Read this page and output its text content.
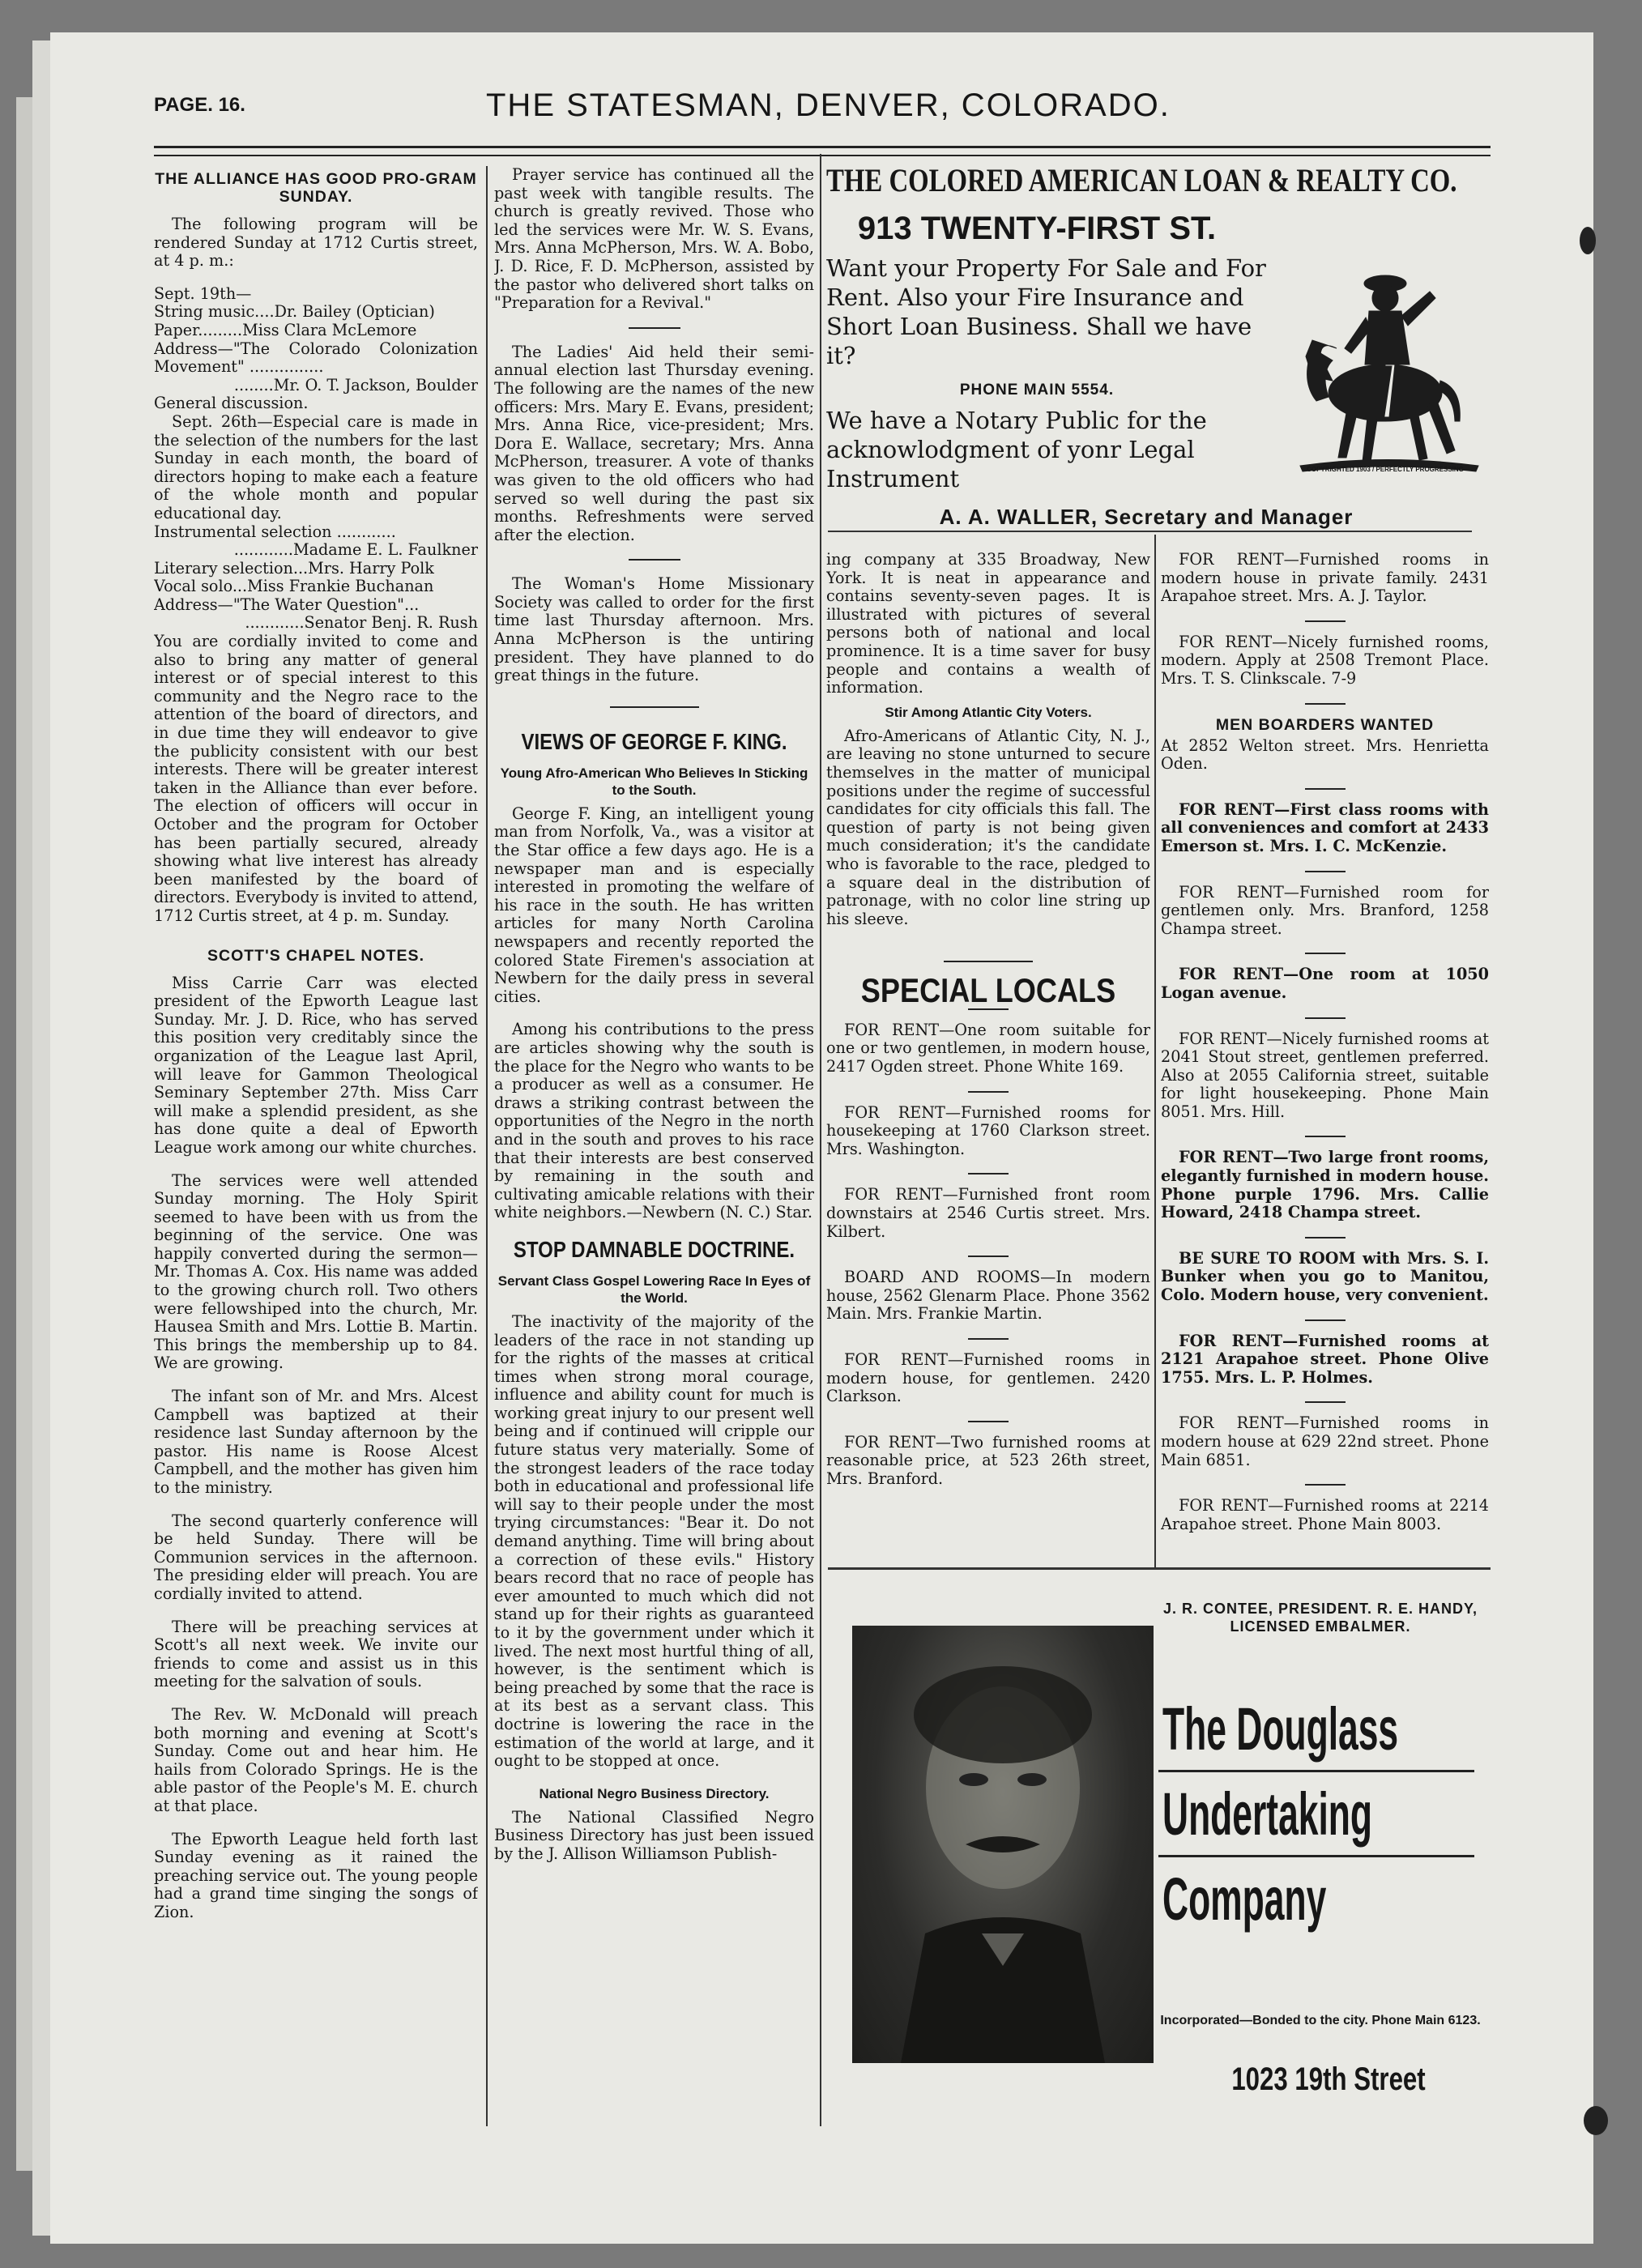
PAGE. 16.	THE STATESMAN, DENVER, COLORADO.
THE ALLIANCE HAS GOOD PRO-GRAM SUNDAY.

The following program will be rendered Sunday at 1712 Curtis street, at 4 p. m.:

Sept. 19th—

String music....Dr. Bailey (Optician)

Paper.........Miss Clara McLemore

Address—"The Colorado Colonization Movement" ...............

........Mr. O. T. Jackson, Boulder

General discussion.

Sept. 26th—Especial care is made in the selection of the numbers for the last Sunday in each month, the board of directors hoping to make each a feature of the whole month and popular educational day.

Instrumental selection ............

............Madame E. L. Faulkner

Literary selection...Mrs. Harry Polk

Vocal solo...Miss Frankie Buchanan

Address—"The Water Question"...

............Senator Benj. R. Rush

You are cordially invited to come and also to bring any matter of general interest or of special interest to this community and the Negro race to the attention of the board of directors, and in due time they will endeavor to give the publicity consistent with our best interests. There will be greater interest taken in the Alliance than ever before. The election of officers will occur in October and the program for October has been partially secured, already showing what live interest has already been manifested by the board of directors. Everybody is invited to attend, 1712 Curtis street, at 4 p. m. Sunday.

SCOTT'S CHAPEL NOTES.

Miss Carrie Carr was elected president of the Epworth League last Sunday. Mr. J. D. Rice, who has served this position very creditably since the organization of the League last April, will leave for Gammon Theological Seminary September 27th. Miss Carr will make a splendid president, as she has done quite a deal of Epworth League work among our white churches.

The services were well attended Sunday morning. The Holy Spirit seemed to have been with us from the beginning of the service. One was happily converted during the sermon—Mr. Thomas A. Cox. His name was added to the growing church roll. Two others were fellowshiped into the church, Mr. Hausea Smith and Mrs. Lottie B. Martin. This brings the membership up to 84. We are growing.

The infant son of Mr. and Mrs. Alcest Campbell was baptized at their residence last Sunday afternoon by the pastor. His name is Roose Alcest Campbell, and the mother has given him to the ministry.

The second quarterly conference will be held Sunday. There will be Communion services in the afternoon. The presiding elder will preach. You are cordially invited to attend.

There will be preaching services at Scott's all next week. We invite our friends to come and assist us in this meeting for the salvation of souls.

The Rev. W. McDonald will preach both morning and evening at Scott's Sunday. Come out and hear him. He hails from Colorado Springs. He is the able pastor of the People's M. E. church at that place.

The Epworth League held forth last Sunday evening as it rained the preaching service out. The young people had a grand time singing the songs of Zion.

Prayer service has continued all the past week with tangible results. The church is greatly revived. Those who led the services were Mr. W. S. Evans, Mrs. Anna McPherson, Mrs. W. A. Bobo, J. D. Rice, F. D. McPherson, assisted by the pastor who delivered short talks on "Preparation for a Revival."

The Ladies' Aid held their semi-annual election last Thursday evening. The following are the names of the new officers: Mrs. Mary E. Evans, president; Mrs. Anna Rice, vice-president; Mrs. Dora E. Wallace, secretary; Mrs. Anna McPherson, treasurer. A vote of thanks was given to the old officers who had served so well during the past six months. Refreshments were served after the election.

The Woman's Home Missionary Society was called to order for the first time last Thursday afternoon. Mrs. Anna McPherson is the untiring president. They have planned to do great things in the future.

VIEWS OF GEORGE F. KING.
Young Afro-American Who Believes In Sticking to the South.

George F. King, an intelligent young man from Norfolk, Va., was a visitor at the Star office a few days ago. He is a newspaper man and is especially interested in promoting the welfare of his race in the south. He has written articles for many North Carolina newspapers and recently reported the colored State Firemen's association at Newbern for the daily press in several cities.

Among his contributions to the press are articles showing why the south is the place for the Negro who wants to be a producer as well as a consumer. He draws a striking contrast between the opportunities of the Negro in the north and in the south and proves to his race that their interests are best conserved by remaining in the south and cultivating amicable relations with their white neighbors.—Newbern (N. C.) Star.

STOP DAMNABLE DOCTRINE.
Servant Class Gospel Lowering Race In Eyes of the World.

The inactivity of the majority of the leaders of the race in not standing up for the rights of the masses at critical times when strong moral courage, influence and ability count for much is working great injury to our present well being and if continued will cripple our future status very materially. Some of the strongest leaders of the race today both in educational and professional life will say to their people under the most trying circumstances: "Bear it. Do not demand anything. Time will bring about a correction of these evils." History bears record that no race of people has ever amounted to much which did not stand up for their rights as guaranteed to it by the government under which it lived. The next most hurtful thing of all, however, is the sentiment which is being preached by some that the race is at its best as a servant class. This doctrine is lowering the race in the estimation of the world at large, and it ought to be stopped at once.

National Negro Business Directory.

The National Classified Negro Business Directory has just been issued by the J. Allison Williamson Publish-

THE COLORED AMERICAN LOAN & REALTY CO.
913 TWENTY-FIRST ST.
Want your Property For Sale and For Rent. Also your Fire Insurance and Short Loan Business. Shall we have it?
PHONE MAIN 5554.
We have a Notary Public for the acknowlodgment of yonr Legal Instrument
A. A. WALLER, Secretary and Manager
COPYRIGHTED 1903 / PERFECTLY PROGRESSING

ing company at 335 Broadway, New York. It is neat in appearance and contains seventy-seven pages. It is illustrated with pictures of several persons both of national and local prominence. It is a time saver for busy people and contains a wealth of information.

Stir Among Atlantic City Voters.

Afro-Americans of Atlantic City, N. J., are leaving no stone unturned to secure themselves in the matter of municipal positions under the regime of successful candidates for city officials this fall. The question of party is not being given much consideration; it's the candidate who is favorable to the race, pledged to a square deal in the distribution of patronage, with no color line string up his sleeve.

SPECIAL LOCALS

FOR RENT—One room suitable for one or two gentlemen, in modern house, 2417 Ogden street. Phone White 169.

FOR RENT—Furnished rooms for housekeeping at 1760 Clarkson street. Mrs. Washington.

FOR RENT—Furnished front room downstairs at 2546 Curtis street. Mrs. Kilbert.

BOARD AND ROOMS—In modern house, 2562 Glenarm Place. Phone 3562 Main. Mrs. Frankie Martin.

FOR RENT—Furnished rooms in modern house, for gentlemen. 2420 Clarkson.

FOR RENT—Two furnished rooms at reasonable price, at 523 26th street, Mrs. Branford.

FOR RENT—Furnished rooms in modern house in private family. 2431 Arapahoe street. Mrs. A. J. Taylor.

FOR RENT—Nicely furnished rooms, modern. Apply at 2508 Tremont Place. Mrs. T. S. Clinkscale. 7-9

MEN BOARDERS WANTED

At 2852 Welton street. Mrs. Henrietta Oden.

FOR RENT—First class rooms with all conveniences and comfort at 2433 Emerson st. Mrs. I. C. McKenzie.

FOR RENT—Furnished room for gentlemen only. Mrs. Branford, 1258 Champa street.

FOR RENT—One room at 1050 Logan avenue.

FOR RENT—Nicely furnished rooms at 2041 Stout street, gentlemen preferred. Also at 2055 California street, suitable for light housekeeping. Phone Main 8051. Mrs. Hill.

FOR RENT—Two large front rooms, elegantly furnished in modern house. Phone purple 1796. Mrs. Callie Howard, 2418 Champa street.

BE SURE TO ROOM with Mrs. S. I. Bunker when you go to Manitou, Colo. Modern house, very convenient.

FOR RENT—Furnished rooms at 2121 Arapahoe street. Phone Olive 1755. Mrs. L. P. Holmes.

FOR RENT—Furnished rooms in modern house at 629 22nd street. Phone Main 6851.

FOR RENT—Furnished rooms at 2214 Arapahoe street. Phone Main 8003.

J. R. CONTEE, PRESIDENT. R. E. HANDY, LICENSED EMBALMER.
The Douglass
Undertaking
Company
Incorporated—Bonded to the city. Phone Main 6123.
1023 19th Street
